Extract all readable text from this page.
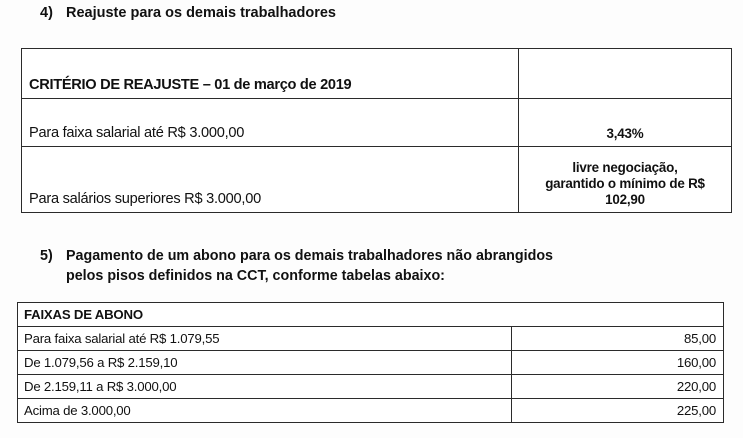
4) Reajuste para os demais trabalhadores
CRITÉRIO DE REAJUSTE – 01 de março de 2019	
Para faixa salarial até R$ 3.000,00	3,43%
Para salários superiores R$ 3.000,00	livre negociação,
garantido o mínimo de R$
102,90
5) Pagamento de um abono para os demais trabalhadores não abrangidos
pelos pisos definidos na CCT, conforme tabelas abaixo:
FAIXAS DE ABONO	
Para faixa salarial até R$ 1.079,55	85,00
De 1.079,56 a R$ 2.159,10	160,00
De 2.159,11 a R$ 3.000,00	220,00
Acima de 3.000,00	225,00
